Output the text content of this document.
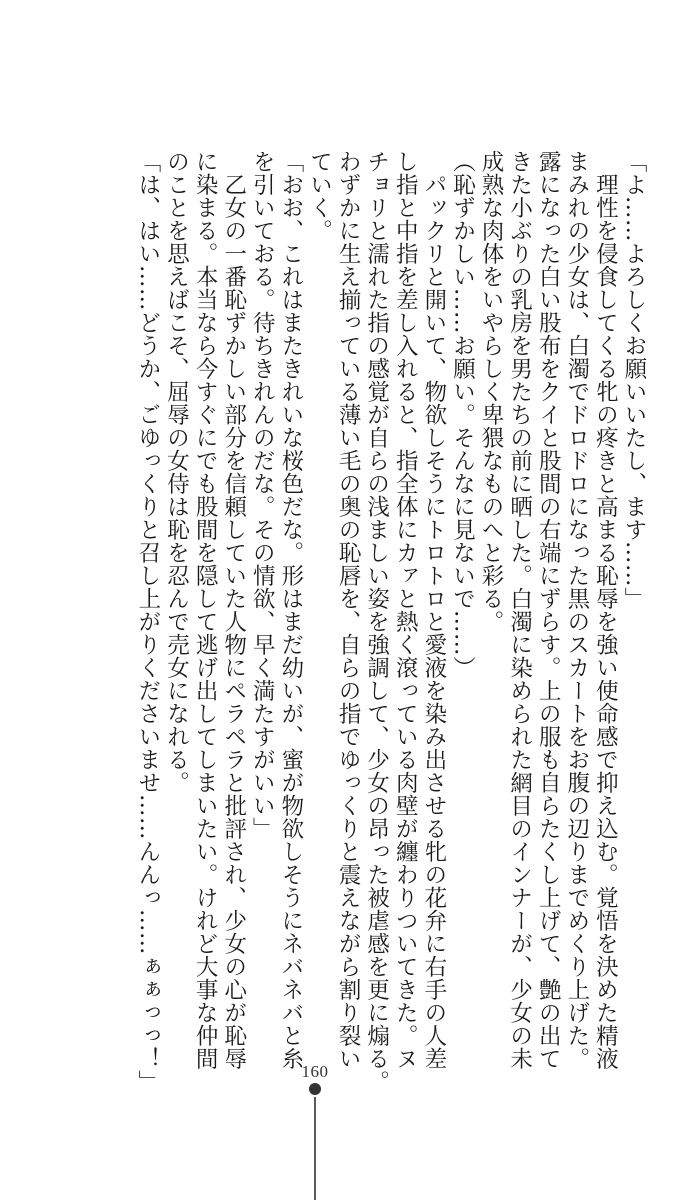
「よ……よろしくお願いいたし、ます……」
　理性を侵食してくる牝の疼きと高まる恥辱を強い使命感で抑え込む。覚悟を決めた精液
まみれの少女は、白濁でドロドロになった黒のスカートをお腹の辺りまでめくり上げた。
露になった白い股布をクイと股間の右端にずらす。上の服も自らたくし上げて、艶の出て
きた小ぶりの乳房を男たちの前に晒した。白濁に染められた網目のインナーが、少女の未
成熟な肉体をいやらしく卑猥なものへと彩る。
（恥ずかしい……お願い。そんなに見ないで……）
　パックリと開いて、物欲しそうにトロトロと愛液を染み出させる牝の花弁に右手の人差
し指と中指を差し入れると、指全体にカァと熱く滾っている肉壁が纏わりついてきた。ヌ
チョリと濡れた指の感覚が自らの浅ましい姿を強調して、少女の昂った被虐感を更に煽る。
わずかに生え揃っている薄い毛の奥の恥唇を、自らの指でゆっくりと震えながら割り裂い
ていく。
「おお、これはまたきれいな桜色だな。形はまだ幼いが、蜜が物欲しそうにネバネバと糸
を引いておる。待ちきれんのだな。その情欲、早く満たすがいい」
　乙女の一番恥ずかしい部分を信頼していた人物にペラペラと批評され、少女の心が恥辱
に染まる。本当なら今すぐにでも股間を隠して逃げ出してしまいたい。けれど大事な仲間
のことを思えばこそ、屈辱の女侍は恥を忍んで売女になれる。
「は、はい……どうか、ごゆっくりと召し上がりくださいませ……んんっ……ぁぁっっ！」	160
